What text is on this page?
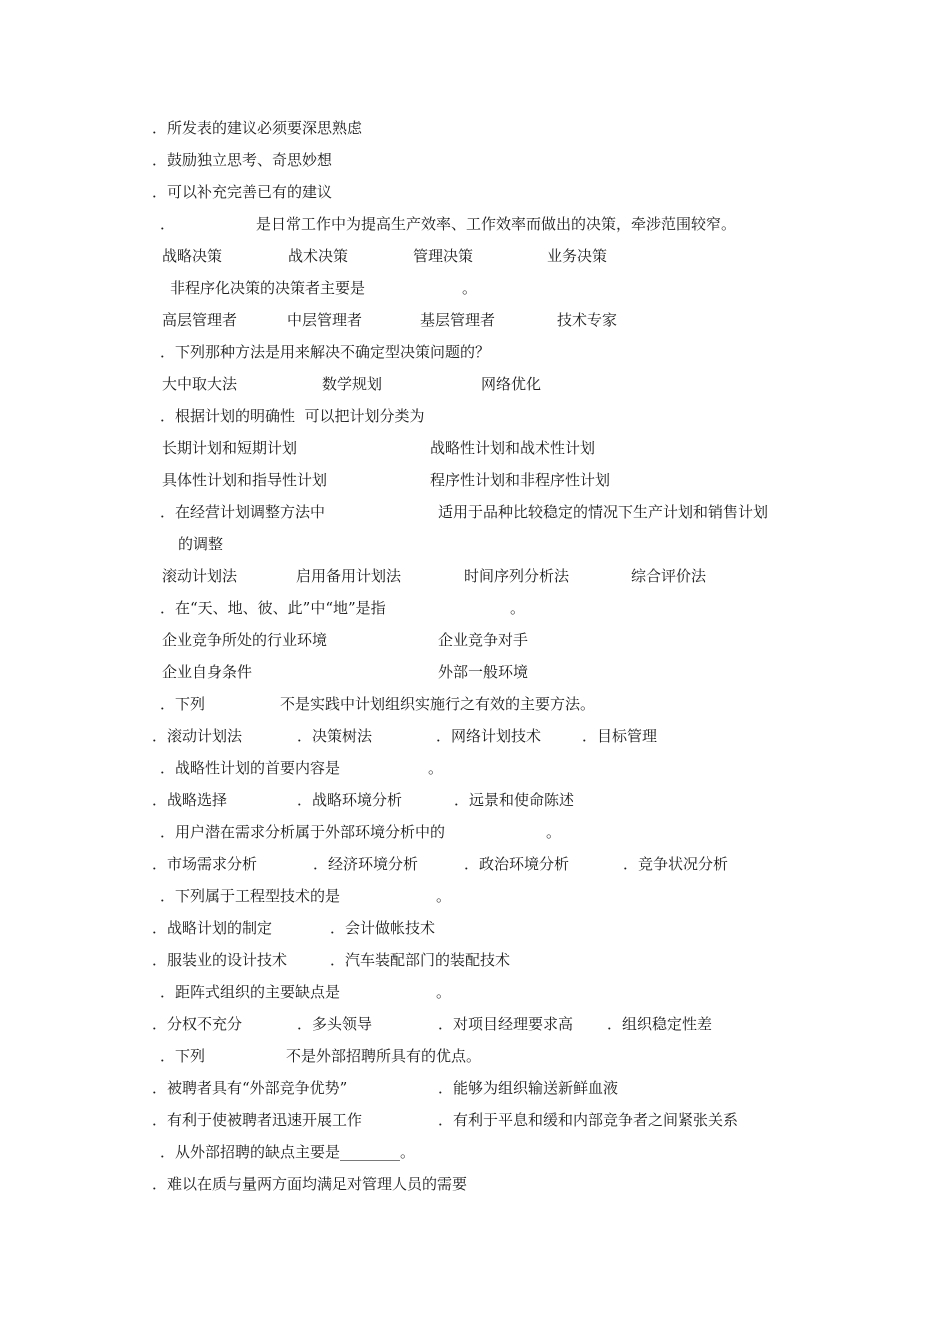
．所发表的建议必须要深思熟虑
．鼓励独立思考、奇思妙想
．可以补充完善已有的建议
．	是日常工作中为提高生产效率、工作效率而做出的决策，牵涉范围较窄。
战略决策	战术决策	管理决策	业务决策
非程序化决策的决策者主要是	。
高层管理者	中层管理者	基层管理者	技术专家
．下列那种方法是用来解决不确定型决策问题的？
大中取大法	数学规划	网络优化
．根据计划的明确性  可以把计划分类为
长期计划和短期计划	战略性计划和战术性计划
具体性计划和指导性计划	程序性计划和非程序性计划
．在经营计划调整方法中	适用于品种比较稳定的情况下生产计划和销售计划
的调整
滚动计划法	启用备用计划法	时间序列分析法	综合评价法
．在“天、地、彼、此”中“地”是指	。
企业竞争所处的行业环境	企业竞争对手
企业自身条件	外部一般环境
．下列	不是实践中计划组织实施行之有效的主要方法。
．滚动计划法	．决策树法	．网络计划技术	．目标管理
．战略性计划的首要内容是	。
．战略选择	．战略环境分析	．远景和使命陈述
．用户潜在需求分析属于外部环境分析中的	。
．市场需求分析	．经济环境分析	．政治环境分析	．竞争状况分析
．下列属于工程型技术的是	。
．战略计划的制定	．会计做帐技术
．服装业的设计技术	．汽车装配部门的装配技术
．距阵式组织的主要缺点是	。
．分权不充分	．多头领导	．对项目经理要求高 ．组织稳定性差
．下列	不是外部招聘所具有的优点。
．被聘者具有“外部竞争优势”	．能够为组织输送新鲜血液
．有利于使被聘者迅速开展工作	．有利于平息和缓和内部竞争者之间紧张关系
．从外部招聘的缺点主要是________。
．难以在质与量两方面均满足对管理人员的需要
